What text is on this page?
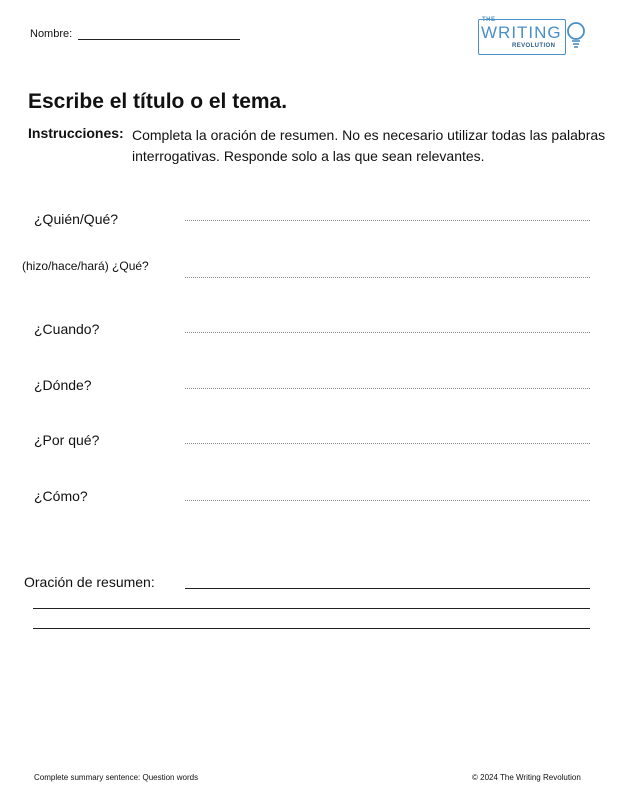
Nombre:
THE
WRITING
REVOLUTION
Escribe el título o el tema.
Instrucciones: Completa la oración de resumen. No es necesario utilizar todas las palabras interrogativas. Responde solo a las que sean relevantes.
¿Quién/Qué?
(hizo/hace/hará) ¿Qué?
¿Cuando?
¿Dónde?
¿Por qué?
¿Cómo?
Oración de resumen:
Complete summary sentence: Question words	© 2024 The Writing Revolution
